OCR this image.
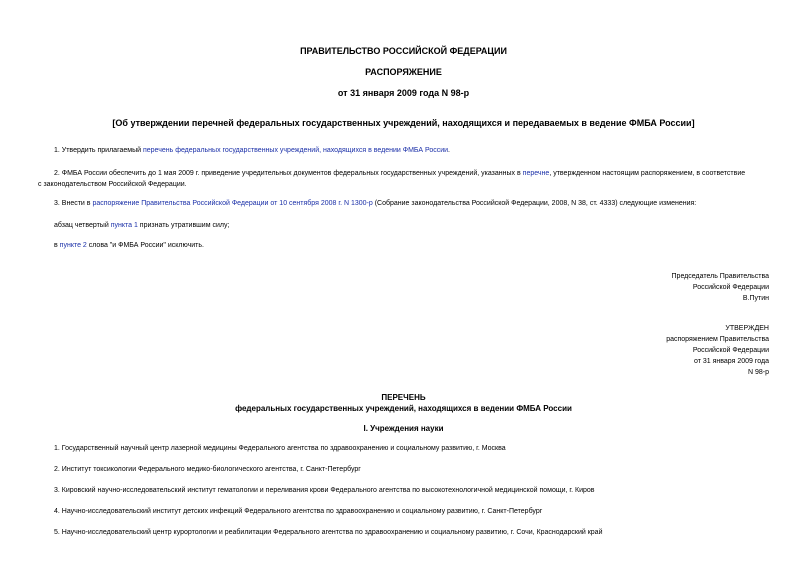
ПРАВИТЕЛЬСТВО РОССИЙСКОЙ ФЕДЕРАЦИИ
РАСПОРЯЖЕНИЕ
от 31 января 2009 года N 98-р
[Об утверждении перечней федеральных государственных учреждений, находящихся и передаваемых в ведение ФМБА России]
1. Утвердить прилагаемый перечень федеральных государственных учреждений, находящихся в ведении ФМБА России.
2. ФМБА России обеспечить до 1 мая 2009 г. приведение учредительных документов федеральных государственных учреждений, указанных в перечне, утвержденном настоящим распоряжением, в соответствие
с законодательством Российской Федерации.
3. Внести в распоряжение Правительства Российской Федерации от 10 сентября 2008 г. N 1300-р (Собрание законодательства Российской Федерации, 2008, N 38, ст. 4333) следующие изменения:
абзац четвертый пункта 1 признать утратившим силу;
в пункте 2 слова "и ФМБА России" исключить.
Председатель Правительства
Российской Федерации
В.Путин
УТВЕРЖДЕН
распоряжением Правительства
Российской Федерации
от 31 января 2009 года
N 98-р
ПЕРЕЧЕНЬ
федеральных государственных учреждений, находящихся в ведении ФМБА России
I. Учреждения науки
1. Государственный научный центр лазерной медицины Федерального агентства по здравоохранению и социальному развитию, г. Москва
2. Институт токсикологии Федерального медико-биологического агентства, г. Санкт-Петербург
3. Кировский научно-исследовательский институт гематологии и переливания крови Федерального агентства по высокотехнологичной медицинской помощи, г. Киров
4. Научно-исследовательский институт детских инфекций Федерального агентства по здравоохранению и социальному развитию, г. Санкт-Петербург
5. Научно-исследовательский центр курортологии и реабилитации Федерального агентства по здравоохранению и социальному развитию, г. Сочи, Краснодарский край
